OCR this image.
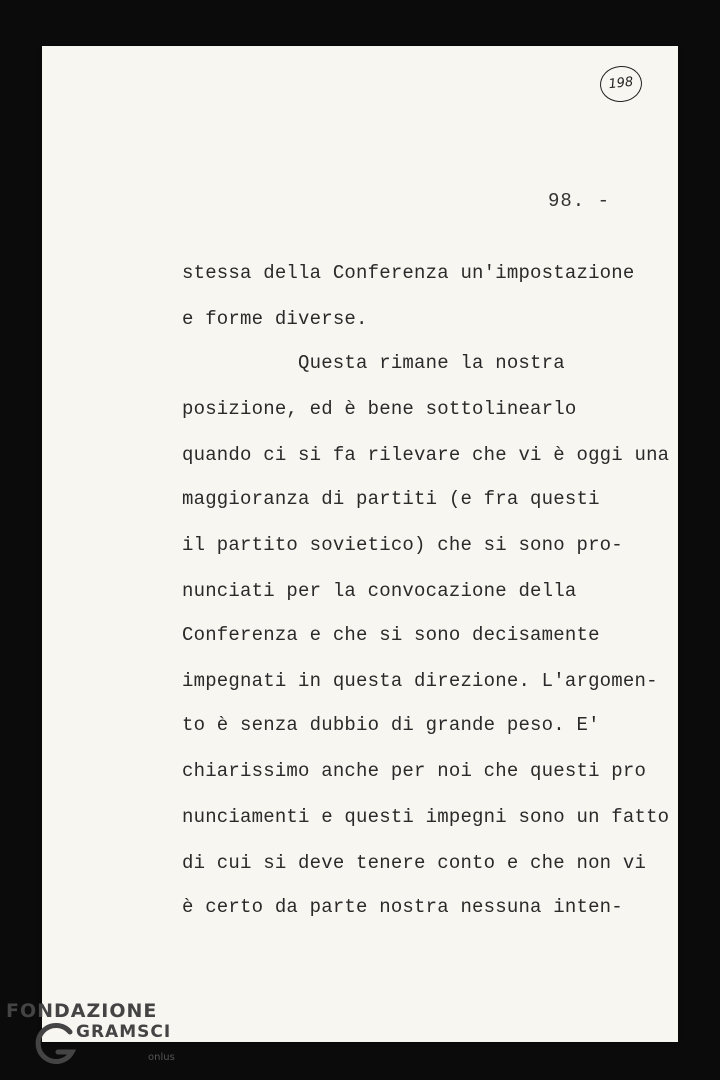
198
98. -
stessa della Conferenza un'impostazione
e forme diverse.
Questa rimane la nostra
posizione, ed è bene sottolinearlo
quando ci si fa rilevare che vi è oggi una
maggioranza di partiti (e fra questi
il partito sovietico) che si sono pro-
nunciati per la convocazione della
Conferenza e che si sono decisamente
impegnati in questa direzione. L'argomen-
to è senza dubbio di grande peso. E'
chiarissimo anche per noi che questi pro
nunciamenti e questi impegni sono un fatto
di cui si deve tenere conto e che non vi
è certo da parte nostra nessuna inten-
FONDAZIONE
GRAMSCI
onlus
